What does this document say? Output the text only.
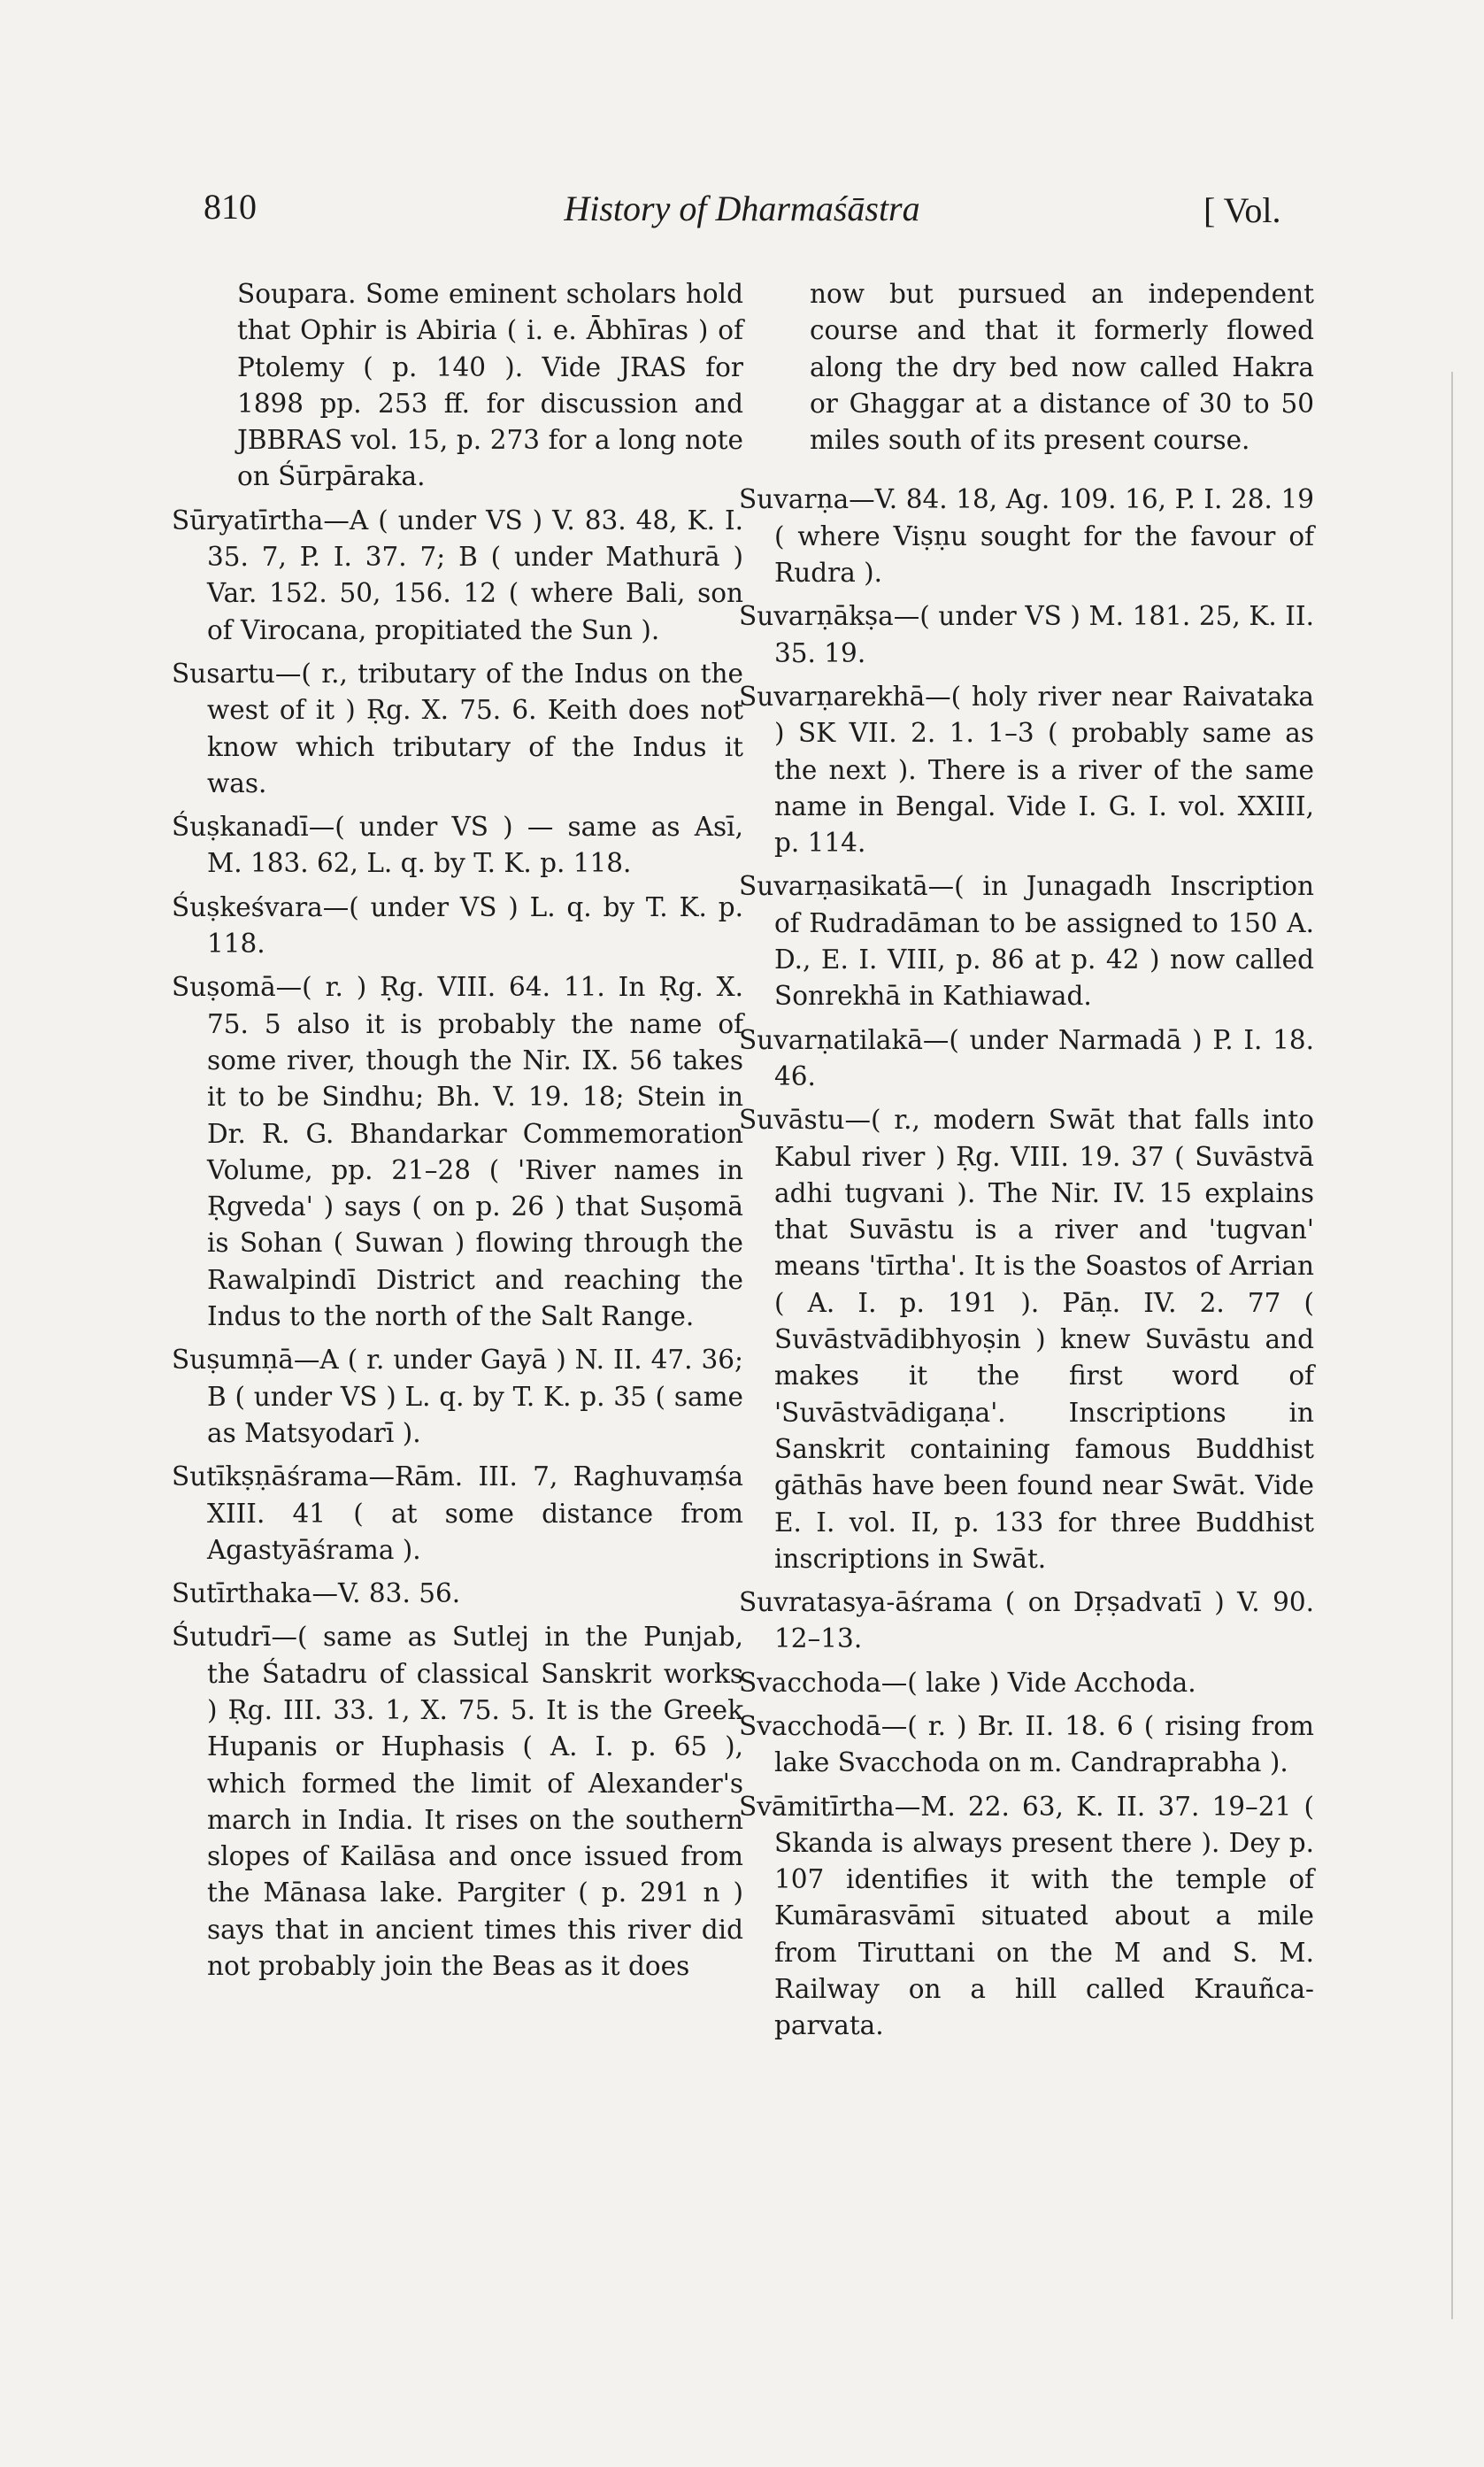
810	History of Dharmaśāstra	[ Vol.

Soupara. Some eminent scholars hold that Ophir is Abiria ( i. e. Ābhīras ) of Ptolemy ( p. 140 ). Vide JRAS for 1898 pp. 253 ff. for discussion and JBBRAS vol. 15, p. 273 for a long note on Śūrpāraka.

Sūryatīrtha—A ( under VS ) V. 83. 48, K. I. 35. 7, P. I. 37. 7; B ( under Mathurā ) Var. 152. 50, 156. 12 ( where Bali, son of Virocana, propitiated the Sun ).

Susartu—( r., tributary of the Indus on the west of it ) Ṛg. X. 75. 6. Keith does not know which tributary of the Indus it was.

Śuṣkanadī—( under VS ) — same as Asī, M. 183. 62, L. q. by T. K. p. 118.

Śuṣkeśvara—( under VS ) L. q. by T. K. p. 118.

Suṣomā—( r. ) Ṛg. VIII. 64. 11. In Ṛg. X. 75. 5 also it is probably the name of some river, though the Nir. IX. 56 takes it to be Sindhu; Bh. V. 19. 18; Stein in Dr. R. G. Bhandarkar Commemoration Volume, pp. 21–28 ( 'River names in Ṛgveda' ) says ( on p. 26 ) that Suṣomā is Sohan ( Suwan ) flowing through the Rawalpindī District and reaching the Indus to the north of the Salt Range.

Suṣumṇā—A ( r. under Gayā ) N. II. 47. 36; B ( under VS ) L. q. by T. K. p. 35 ( same as Matsyodarī ).

Sutīkṣṇāśrama—Rām. III. 7, Raghuvaṃśa XIII. 41 ( at some distance from Agastyāśrama ).

Sutīrthaka—V. 83. 56.

Śutudrī—( same as Sutlej in the Punjab, the Śatadru of classical Sanskrit works ) Ṛg. III. 33. 1, X. 75. 5. It is the Greek Hupanis or Huphasis ( A. I. p. 65 ), which formed the limit of Alexander's march in India. It rises on the southern slopes of Kailāsa and once issued from the Mānasa lake. Pargiter ( p. 291 n ) says that in ancient times this river did not probably join the Beas as it does

now but pursued an independent course and that it formerly flowed along the dry bed now called Hakra or Ghaggar at a distance of 30 to 50 miles south of its present course.

Suvarṇa—V. 84. 18, Ag. 109. 16, P. I. 28. 19 ( where Viṣṇu sought for the favour of Rudra ).

Suvarṇākṣa—( under VS ) M. 181. 25, K. II. 35. 19.

Suvarṇarekhā—( holy river near Raivataka ) SK VII. 2. 1. 1–3 ( probably same as the next ). There is a river of the same name in Bengal. Vide I. G. I. vol. XXIII, p. 114.

Suvarṇasikatā—( in Junagadh Inscription of Rudradāman to be assigned to 150 A. D., E. I. VIII, p. 86 at p. 42 ) now called Sonrekhā in Kathiawad.

Suvarṇatilakā—( under Narmadā ) P. I. 18. 46.

Suvāstu—( r., modern Swāt that falls into Kabul river ) Ṛg. VIII. 19. 37 ( Suvāstvā adhi tugvani ). The Nir. IV. 15 explains that Suvāstu is a river and 'tugvan' means 'tīrtha'. It is the Soastos of Arrian ( A. I. p. 191 ). Pāṇ. IV. 2. 77 ( Suvāstvādibhyoṣin ) knew Suvāstu and makes it the first word of 'Suvāstvādigaṇa'. Inscriptions in Sanskrit containing famous Buddhist gāthās have been found near Swāt. Vide E. I. vol. II, p. 133 for three Buddhist inscriptions in Swāt.

Suvratasya-āśrama ( on Dṛṣadvatī ) V. 90. 12–13.

Svacchoda—( lake ) Vide Acchoda.

Svacchodā—( r. ) Br. II. 18. 6 ( rising from lake Svacchoda on m. Candraprabha ).

Svāmitīrtha—M. 22. 63, K. II. 37. 19–21 ( Skanda is always present there ). Dey p. 107 identifies it with the temple of Kumārasvāmī situated about a mile from Tiruttani on the M and S. M. Railway on a hill called Krauñca-parvata.
